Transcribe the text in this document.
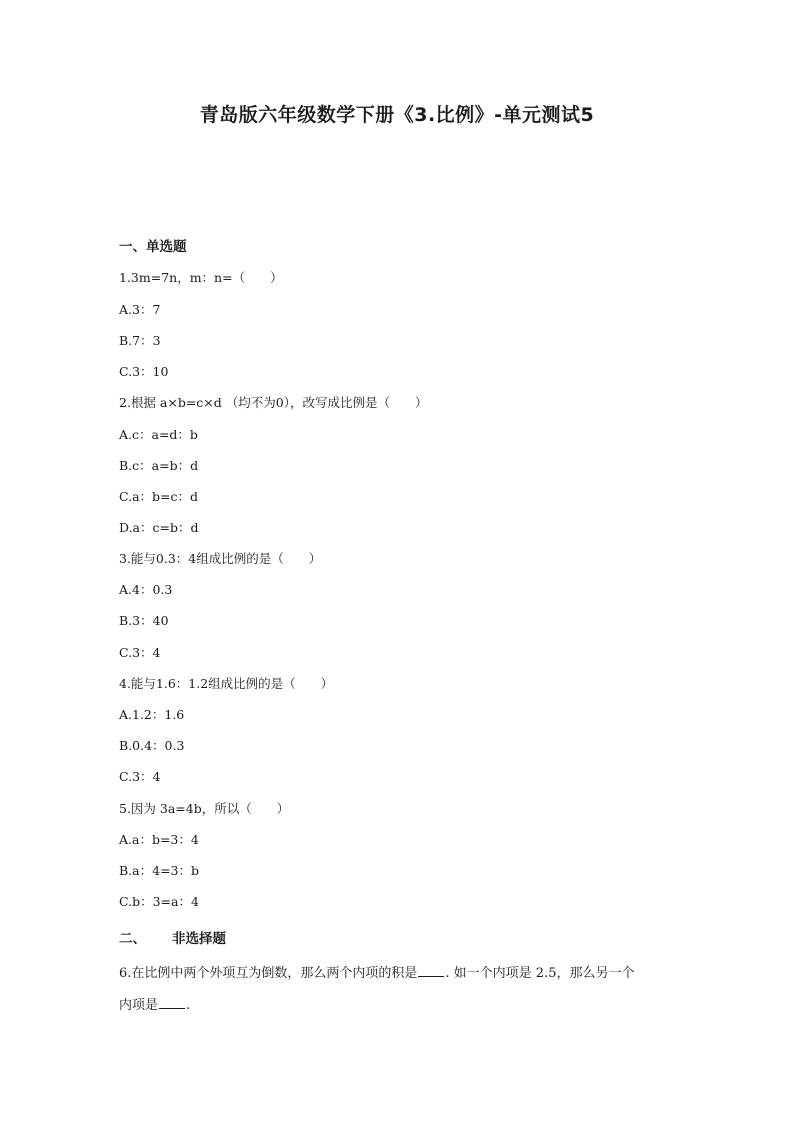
青岛版六年级数学下册《3.比例》-单元测试5
一、单选题
1.3m=7n，m：n=（　　）
A.3：7
B.7：3
C.3：10
2.根据 a×b=c×d （均不为0），改写成比例是（　　）
A.c：a=d：b
B.c：a=b：d
C.a：b=c：d
D.a：c=b：d
3.能与0.3：4组成比例的是（　　）
A.4：0.3
B.3：40
C.3：4
4.能与1.6：1.2组成比例的是（　　）
A.1.2：1.6
B.0.4：0.3
C.3：4
5.因为 3a=4b，所以（　　）
A.a：b=3：4
B.a：4=3：b
C.b：3=a：4
二、 非选择题
6.在比例中两个外项互为倒数，那么两个内项的积是 . 如一个内项是 2.5，那么另一个
内项是 .
